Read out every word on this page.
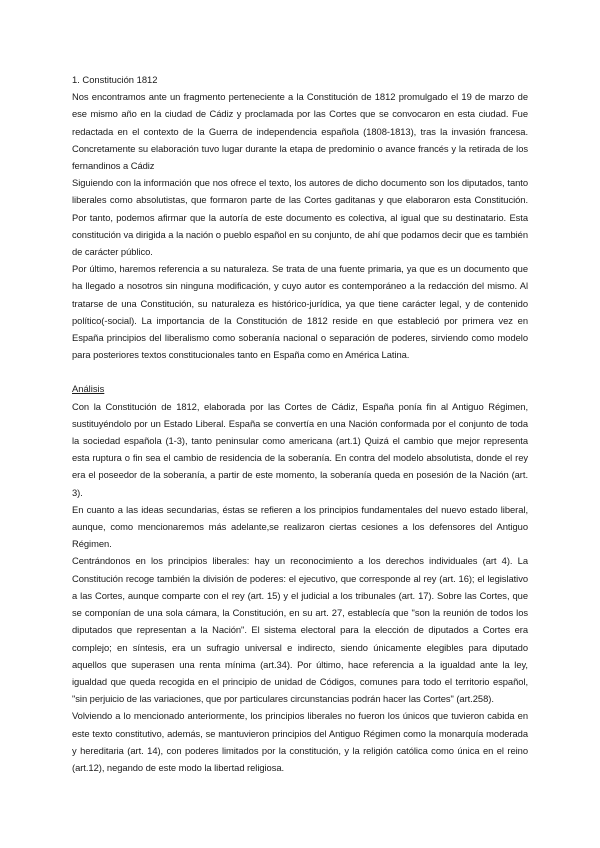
1. Constitución 1812

Nos encontramos ante un fragmento perteneciente a la Constitución de 1812 promulgado el 19 de marzo de ese mismo año en la ciudad de Cádiz y proclamada por las Cortes que se convocaron en esta ciudad. Fue redactada en el contexto de la Guerra de independencia española (1808-1813), tras la invasión francesa. Concretamente su elaboración tuvo lugar durante la etapa de predominio o avance francés y la retirada de los fernandinos a Cádiz

Siguiendo con la información que nos ofrece el texto, los autores de dicho documento son los diputados, tanto liberales como absolutistas, que formaron parte de las Cortes gaditanas y que elaboraron esta Constitución. Por tanto, podemos afirmar que la autoría de este documento es colectiva, al igual que su destinatario. Esta constitución va dirigida a la nación o pueblo español en su conjunto, de ahí que podamos decir que es también de carácter público.

Por último, haremos referencia a su naturaleza. Se trata de una fuente primaria, ya que es un documento que ha llegado a nosotros sin ninguna modificación, y cuyo autor es contemporáneo a la redacción del mismo. Al tratarse de una Constitución, su naturaleza es histórico-jurídica, ya que tiene carácter legal, y de contenido político(-social). La importancia de la Constitución de 1812 reside en que estableció por primera vez en España principios del liberalismo como soberanía nacional o separación de poderes, sirviendo como modelo para posteriores textos constitucionales tanto en España como en América Latina.

Análisis

Con la Constitución de 1812, elaborada por las Cortes de Cádiz, España ponía fin al Antiguo Régimen, sustituyéndolo por un Estado Liberal. España se convertía en una Nación conformada por el conjunto de toda la sociedad española (1-3), tanto peninsular como americana (art.1) Quizá el cambio que mejor representa esta ruptura o fin sea el cambio de residencia de la soberanía. En contra del modelo absolutista, donde el rey era el poseedor de la soberanía, a partir de este momento, la soberanía queda en posesión de la Nación (art. 3).

En cuanto a las ideas secundarias, éstas se refieren a los principios fundamentales del nuevo estado liberal, aunque, como mencionaremos más adelante,se realizaron ciertas cesiones a los defensores del Antiguo Régimen.

Centrándonos en los principios liberales: hay un reconocimiento a los derechos individuales (art 4). La Constitución recoge también la división de poderes: el ejecutivo, que corresponde al rey (art. 16); el legislativo a las Cortes, aunque comparte con el rey (art. 15) y el judicial a los tribunales (art. 17). Sobre las Cortes, que se componían de una sola cámara, la Constitución, en su art. 27, establecía que "son la reunión de todos los diputados que representan a la Nación". El sistema electoral para la elección de diputados a Cortes era complejo; en síntesis, era un sufragio universal e indirecto, siendo únicamente elegibles para diputado aquellos que superasen una renta mínima (art.34). Por último, hace referencia a la igualdad ante la ley, igualdad que queda recogida en el principio de unidad de Códigos, comunes para todo el territorio español, "sin perjuicio de las variaciones, que por particulares circunstancias podrán hacer las Cortes" (art.258).

Volviendo a lo mencionado anteriormente, los principios liberales no fueron los únicos que tuvieron cabida en este texto constitutivo, además, se mantuvieron principios del Antiguo Régimen como la monarquía moderada y hereditaria (art. 14), con poderes limitados por la constitución, y la religión católica como única en el reino (art.12), negando de este modo la libertad religiosa.
